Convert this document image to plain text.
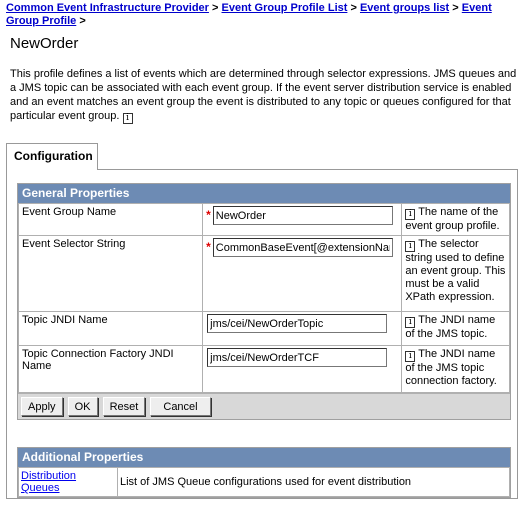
Common Event Infrastructure Provider > Event Group Profile List > Event groups list > Event Group Profile >
NewOrder

This profile defines a list of events which are determined through selector expressions. JMS queues and a JMS topic can be associated with each event group. If the event server distribution service is enabled and an event matches an event group the event is distributed to any topic or queues configured for that particular event group. i

Configuration
General Properties
Event Group Name	*NewOrder	i The name of the event group profile.
Event Selector String	*CommonBaseEvent[@extensionName='NewOrder']	i The selector string used to define an event group. This must be a valid XPath expression.
Topic JNDI Name	jms/cei/NewOrderTopic	i The JNDI name of the JMS topic.
Topic Connection Factory JNDI Name	jms/cei/NewOrderTCF	i The JNDI name of the JMS topic connection factory.
Apply OK Reset Cancel
Additional Properties
Distribution Queues	List of JMS Queue configurations used for event distribution
